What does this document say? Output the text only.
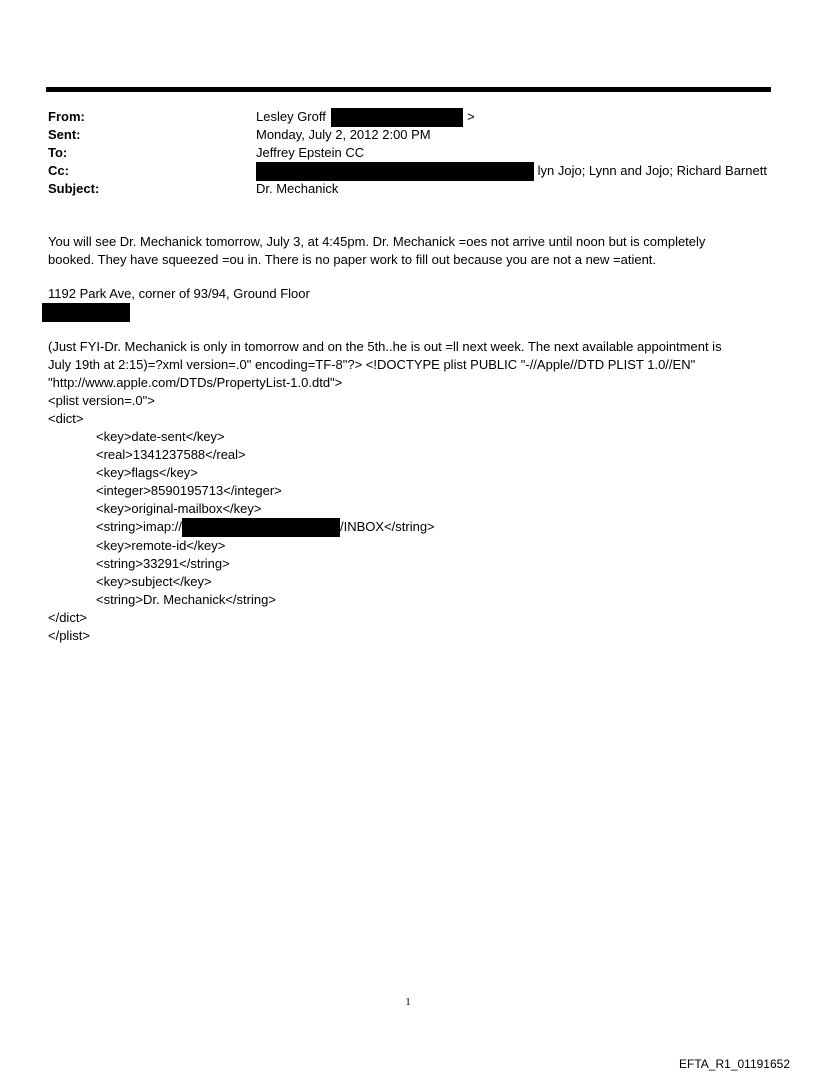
From:	Lesley Groff	>
Sent:	Monday, July 2, 2012 2:00 PM
To:	Jeffrey Epstein CC
Cc:	lyn Jojo; Lynn and Jojo; Richard Barnett
Subject:	Dr. Mechanick
You will see Dr. Mechanick tomorrow, July 3, at 4:45pm. Dr. Mechanick =oes not arrive until noon but is completely
booked. They have squeezed =ou in. There is no paper work to fill out because you are not a new =atient.
1192 Park Ave, corner of 93/94, Ground Floor
(Just FYI-Dr. Mechanick is only in tomorrow and on the 5th..he is out =ll next week. The next available appointment is
July 19th at 2:15)=?xml version=.0" encoding=TF-8"?> <!DOCTYPE plist PUBLIC "-//Apple//DTD PLIST 1.0//EN"
"http://www.apple.com/DTDs/PropertyList-1.0.dtd">
<plist version=.0">
<dict>
<key>date-sent</key>
<real>1341237588</real>
<key>flags</key>
<integer>8590195713</integer>
<key>original-mailbox</key>
<string>imap://	/INBOX</string>
<key>remote-id</key>
<string>33291</string>
<key>subject</key>
<string>Dr. Mechanick</string>
</dict>
</plist>
1
EFTA_R1_01191652
